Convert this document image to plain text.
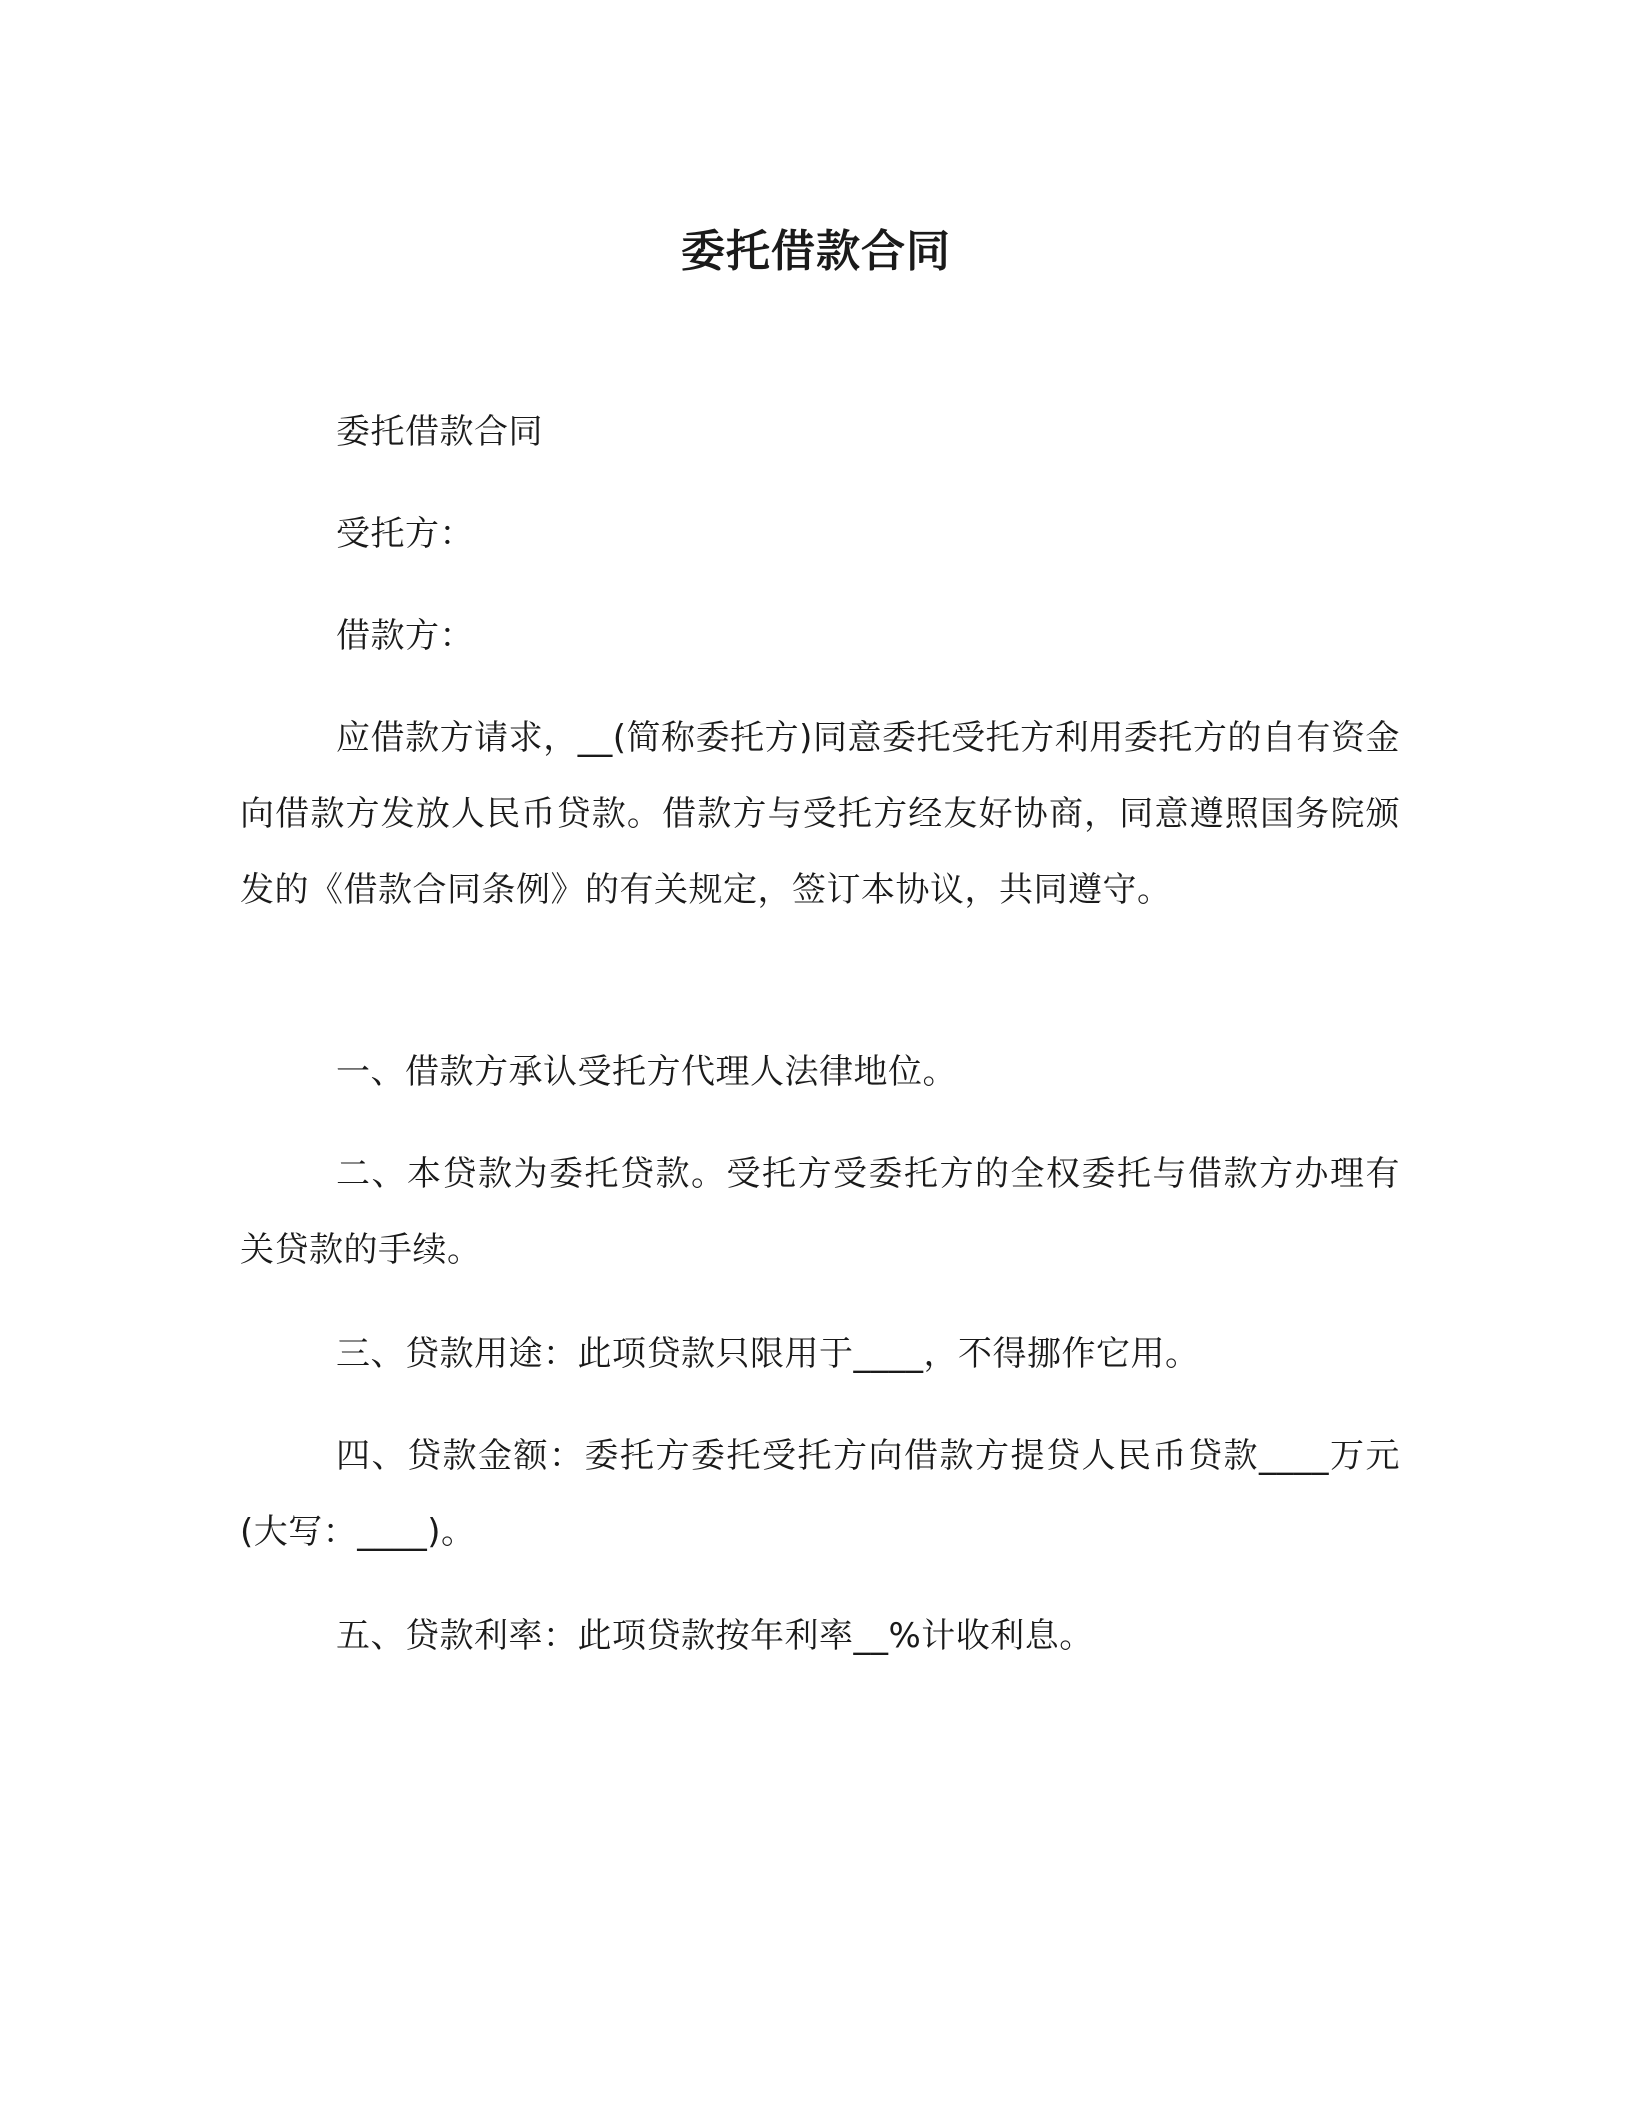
委托借款合同

委托借款合同

受托方：

借款方：

应借款方请求，__(简称委托方)同意委托受托方利用委托方的自有资金向借款方发放人民币贷款。借款方与受托方经友好协商，同意遵照国务院颁发的《借款合同条例》的有关规定，签订本协议，共同遵守。

一、借款方承认受托方代理人法律地位。

二、本贷款为委托贷款。受托方受委托方的全权委托与借款方办理有关贷款的手续。

三、贷款用途：此项贷款只限用于____，不得挪作它用。

四、贷款金额：委托方委托受托方向借款方提贷人民币贷款____万元(大写：____)。

五、贷款利率：此项贷款按年利率__%计收利息。
